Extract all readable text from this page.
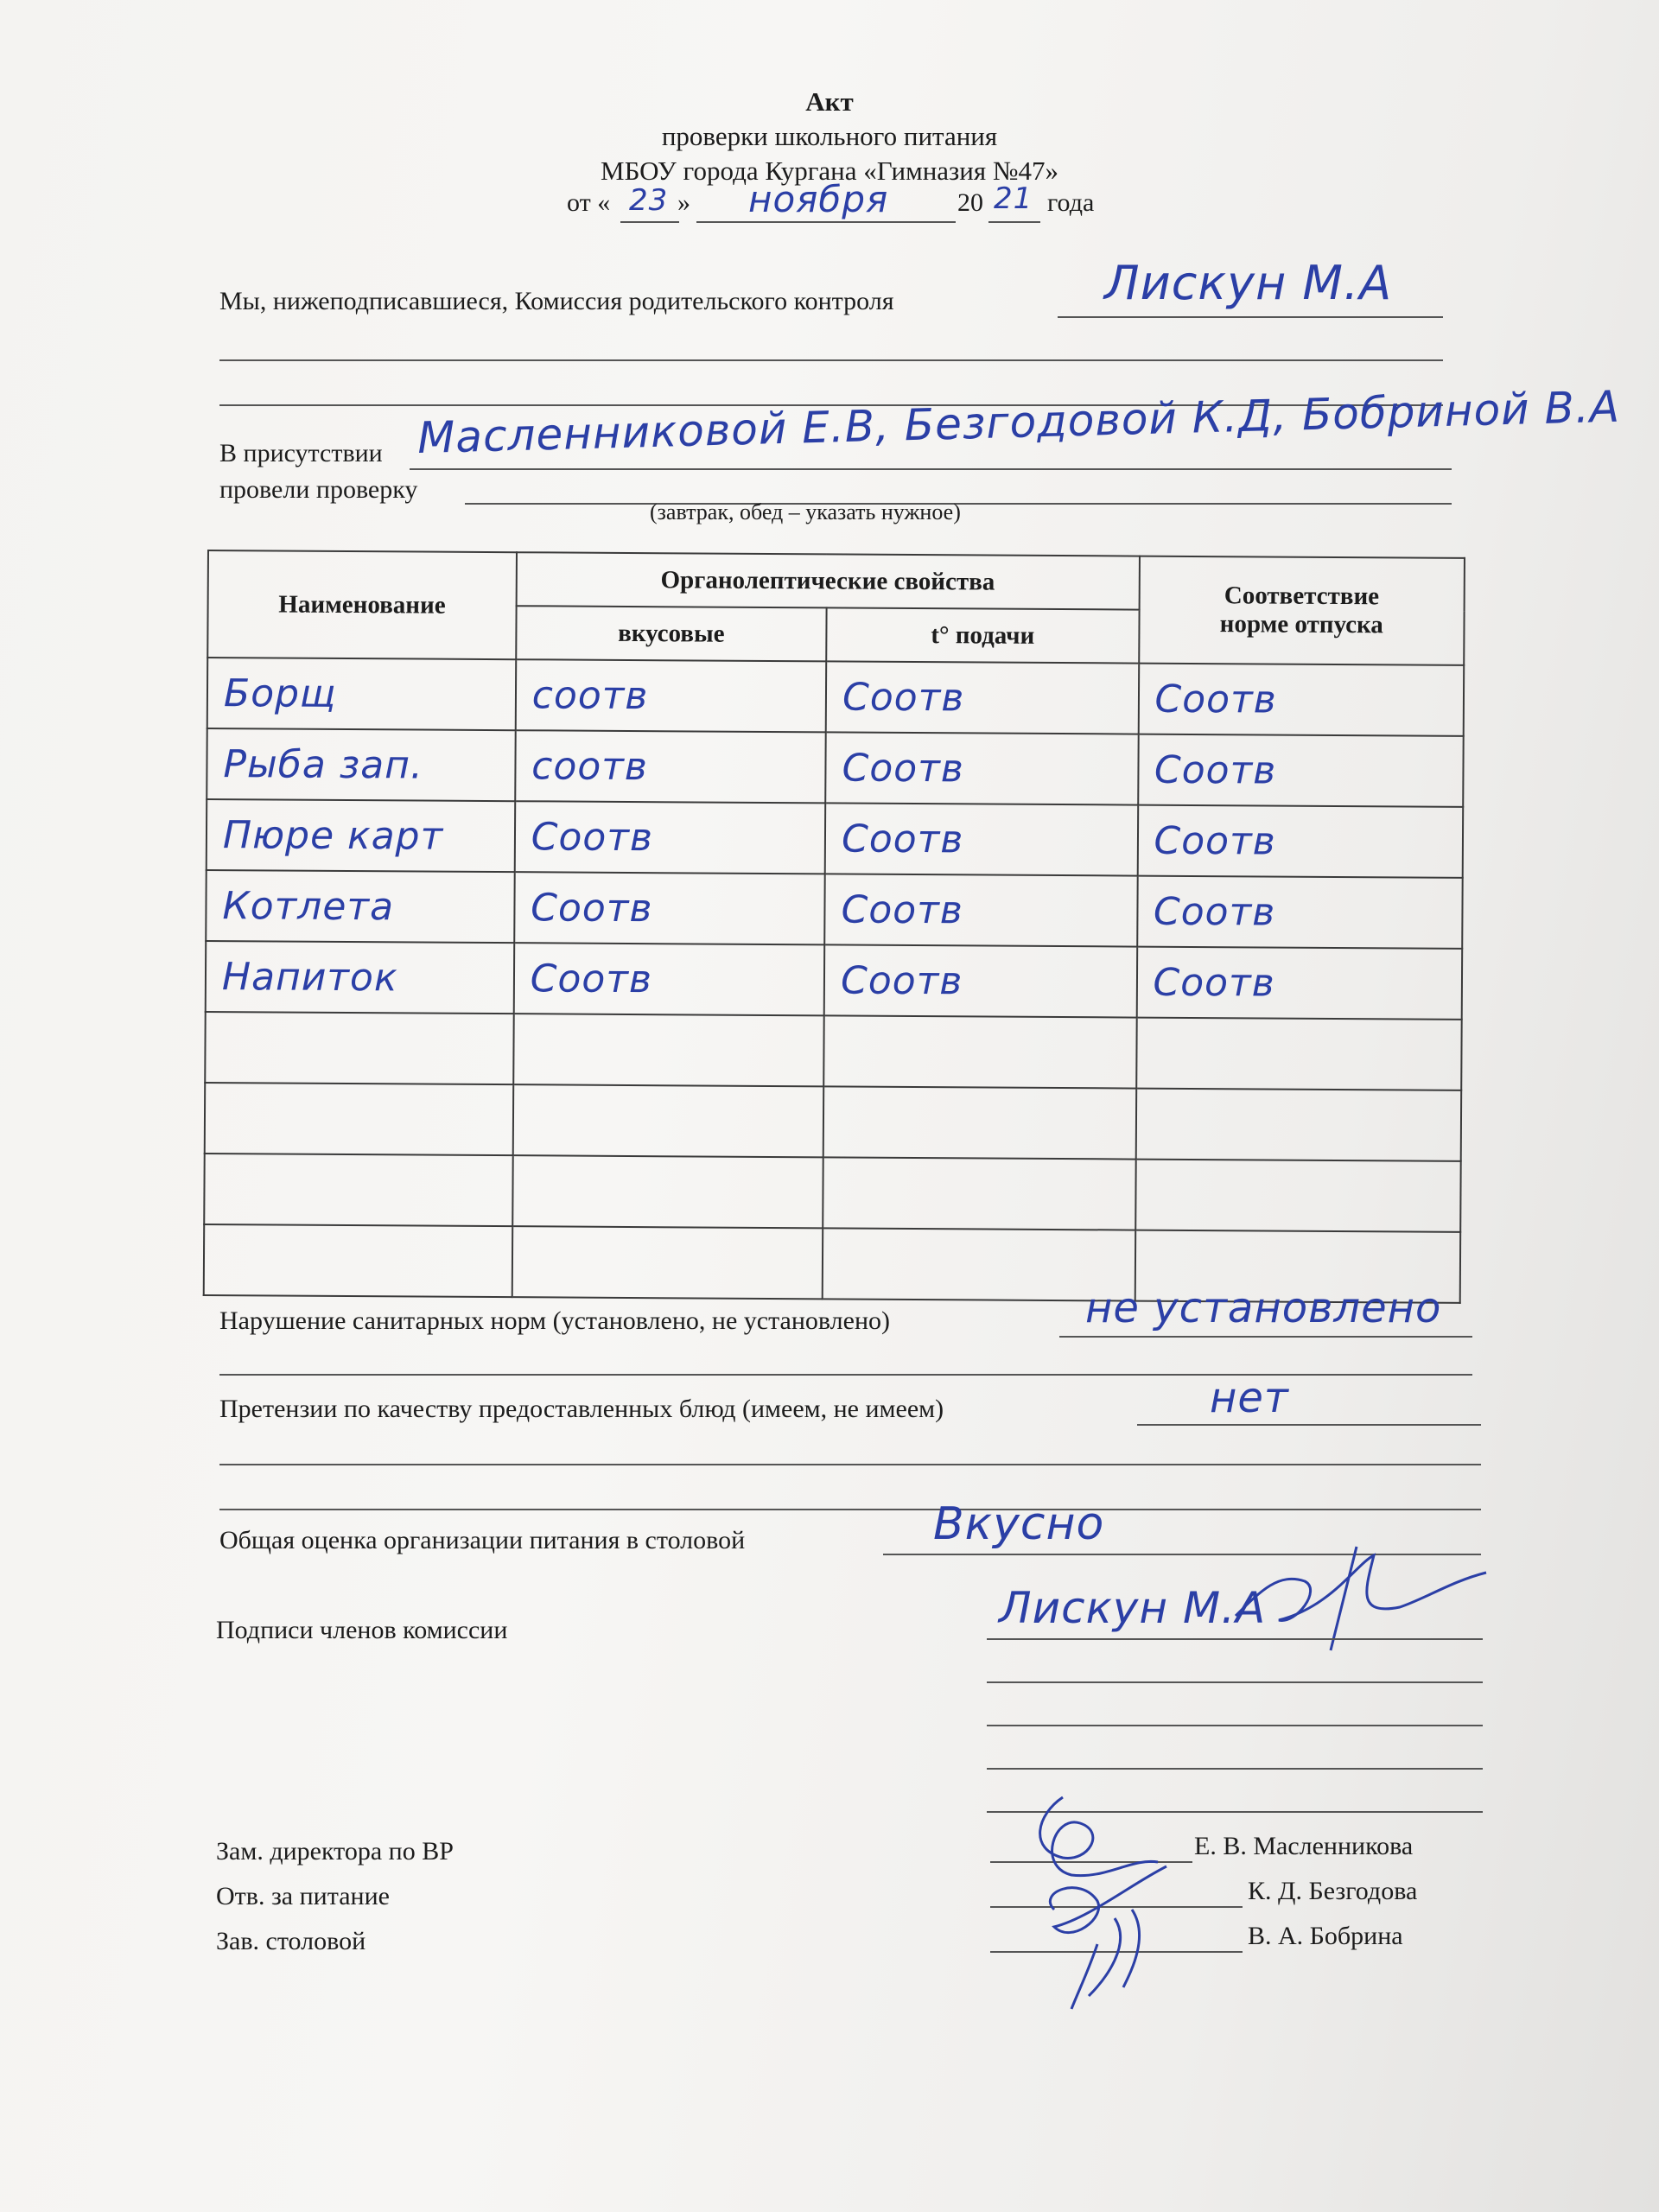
Акт
проверки школьного питания
МБОУ города Кургана «Гимназия №47»
от « 23 » ноября	20 21 года
Мы, нижеподписавшиеся, Комиссия родительского контроля	Лискун М.А
В присутствии Масленниковой Е.В, Безгодовой К.Д, Бобриной В.А
провели проверку
(завтрак, обед – указать нужное)
Наименование	Органолептические свойства		Соответствие
норме отпуска

	вкусовые	t° подачи	
Борщ	соотв	Соотв	Соотв
Рыба зап.	соотв	Соотв	Соотв
Пюре карт	Соотв	Соотв	Соотв
Котлета	Соотв	Соотв	Соотв
Напиток	Соотв	Соотв	Соотв

Нарушение санитарных норм (установлено, не установлено)	не установлено
Претензии по качеству предоставленных блюд (имеем, не имеем)	нет
Общая оценка организации питания в столовой	Вкусно
Подписи членов комиссии	Лискун М.А
Зам. директора по ВР
Отв. за питание
Зав. столовой
Е. В. Масленникова
К. Д. Безгодова
В. А. Бобрина
